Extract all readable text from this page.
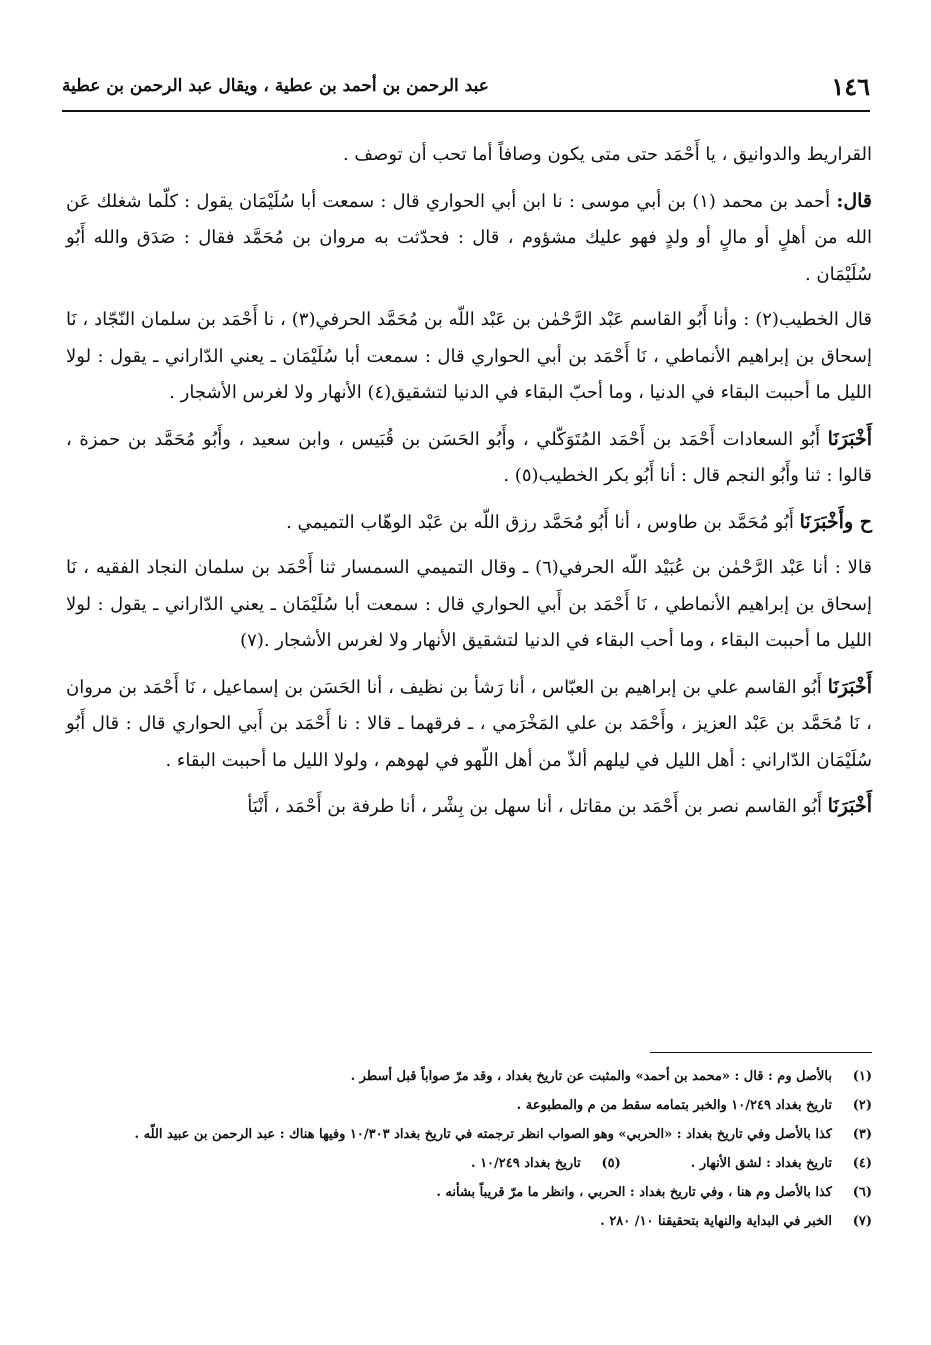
١٤٦
عبد الرحمن بن أحمد بن عطية ، ويقال عبد الرحمن بن عطية

القراريط والدوانيق ، يا أَحْمَد حتى متى يكون وصافاً أما تحب أن توصف .

قال: أحمد بن محمد (١) بن أبي موسى : نا ابن أبي الحواري قال : سمعت أبا سُلَيْمَان يقول : كلّما شغلك عَن الله من أهلٍ أو مالٍ أو ولدٍ فهو عليك مشؤوم ، قال : فحدّثت به مروان بن مُحَمَّد فقال : صَدَق والله أَبُو سُلَيْمَان .

قال الخطيب(٢) : وأنا أَبُو القاسم عَبْد الرَّحْمٰن بن عَبْد اللّه بن مُحَمَّد الحرفي(٣) ، نا أَحْمَد بن سلمان النّجّاد ، نَا إسحاق بن إبراهيم الأنماطي ، نَا أَحْمَد بن أبي الحواري قال : سمعت أبا سُلَيْمَان ـ يعني الدّاراني ـ يقول : لولا الليل ما أحببت البقاء في الدنيا ، وما أحبّ البقاء في الدنيا لتشقيق(٤) الأنهار ولا لغرس الأشجار .

أَخْبَرَنَا أَبُو السعادات أَحْمَد بن أَحْمَد المُتَوَكّلي ، وأَبُو الحَسَن بن قُبَيس ، وابن سعيد ، وأَبُو مُحَمَّد بن حمزة ، قالوا : ثنا وأَبُو النجم قال : أنا أَبُو بكر الخطيب(٥) .

ح وأَخْبَرَنَا أَبُو مُحَمَّد بن طاوس ، أنا أَبُو مُحَمَّد رزق اللّه بن عَبْد الوهّاب التميمي .

قالا : أنا عَبْد الرَّحْمٰن بن عُبَيْد اللّه الحرفي(٦) ـ وقال التميمي السمسار ثنا أَحْمَد بن سلمان النجاد الفقيه ، نَا إسحاق بن إبراهيم الأنماطي ، نَا أَحْمَد بن أَبي الحواري قال : سمعت أبا سُلَيْمَان ـ يعني الدّاراني ـ يقول : لولا الليل ما أحببت البقاء ، وما أحب البقاء في الدنيا لتشقيق الأنهار ولا لغرس الأشجار .(٧)

أَخْبَرَنَا أَبُو القاسم علي بن إبراهيم بن العبّاس ، أنا رَشأ بن نظيف ، أنا الحَسَن بن إسماعيل ، نَا أَحْمَد بن مروان ، نَا مُحَمَّد بن عَبْد العزيز ، وأَحْمَد بن علي المَخْرَمي ، ـ فرقهما ـ قالا : نا أَحْمَد بن أَبي الحواري قال : قال أَبُو سُلَيْمَان الدّاراني : أهل الليل في ليلهم ألذّ من أهل اللّهو في لهوهم ، ولولا الليل ما أحببت البقاء .

أَخْبَرَنَا أَبُو القاسم نصر بن أَحْمَد بن مقاتل ، أنا سهل بن بِشْر ، أنا طرفة بن أَحْمَد ، أَنْبَأ

(١)
بالأصل وم : قال : «محمد بن أحمد» والمثبت عن تاريخ بغداد ، وقد مرّ صواباً قبل أسطر .
(٢)
تاريخ بغداد ١٠/٢٤٩ والخبر بتمامه سقط من م والمطبوعة .
(٣)
كذا بالأصل وفي تاريخ بغداد : «الحربي» وهو الصواب انظر ترجمته في تاريخ بغداد ١٠/٣٠٣ وفيها هناك : عبد الرحمن بن عبيد اللّه .
(٤)
تاريخ بغداد : لشق الأنهار .
(٥)
تاريخ بغداد ١٠/٢٤٩ .
(٦)
كذا بالأصل وم هنا ، وفي تاريخ بغداد : الحربي ، وانظر ما مرّ قريباً بشأنه .
(٧)
الخبر في البداية والنهاية بتحقيقنا ١٠/ ٢٨٠ .
